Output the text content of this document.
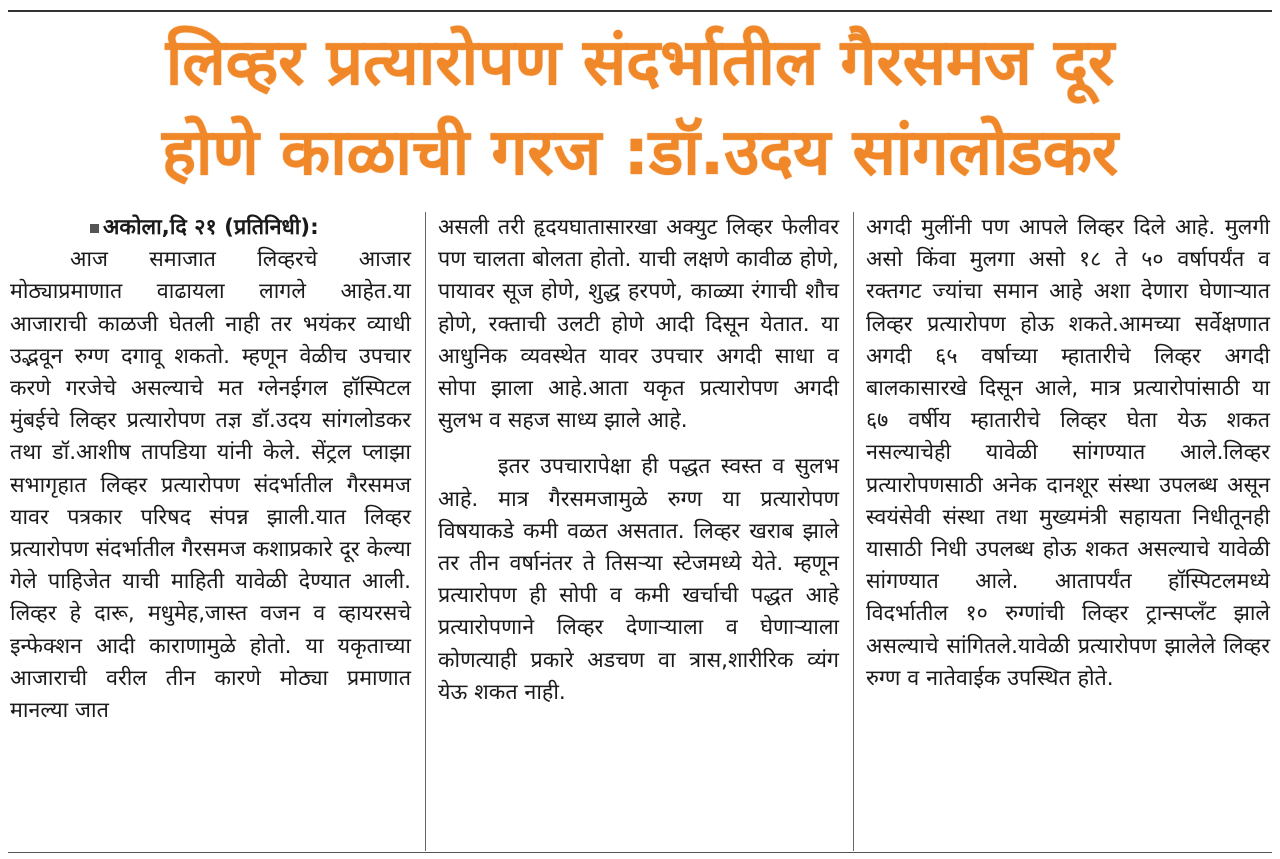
लिव्हर प्रत्यारोपण संदर्भातील गैरसमज दूर
होणे काळाची गरज :डॉ.उदय सांगलोडकर

अकोला,दि २१ (प्रतिनिधी):

आज समाजात लिव्हरचे आजार मोठ्याप्रमाणात वाढायला लागले आहेत.या आजाराची काळजी घेतली नाही तर भयंकर व्याधी उद्भवून रुग्ण दगावू शकतो. म्हणून वेळीच उपचार करणे गरजेचे असल्याचे मत ग्लेनईगल हॉस्पिटल मुंबईचे लिव्हर प्रत्यारोपण तज्ञ डॉ.उदय सांगलोडकर तथा डॉ.आशीष तापडिया यांनी केले. सेंट्रल प्लाझा सभागृहात लिव्हर प्रत्यारोपण संदर्भातील गैरसमज यावर पत्रकार परिषद संपन्न झाली.यात लिव्हर प्रत्यारोपण संदर्भातील गैरसमज कशाप्रकारे दूर केल्या गेले पाहिजेत याची माहिती यावेळी देण्यात आली. लिव्हर हे दारू, मधुमेह,जास्त वजन व व्हायरसचे इन्फेक्शन आदी काराणामुळे होतो. या यकृताच्या आजाराची वरील तीन कारणे मोठ्या प्रमाणात मानल्या जात

असली तरी हृदयघातासारखा अक्युट लिव्हर फेलीवर पण चालता बोलता होतो. याची लक्षणे कावीळ होणे, पायावर सूज होणे, शुद्ध हरपणे, काळ्या रंगाची शौच होणे, रक्ताची उलटी होणे आदी दिसून येतात. या आधुनिक व्यवस्थेत यावर उपचार अगदी साधा व सोपा झाला आहे.आता यकृत प्रत्यारोपण अगदी सुलभ व सहज साध्य झाले आहे.

इतर उपचारापेक्षा ही पद्धत स्वस्त व सुलभ आहे. मात्र गैरसमजामुळे रुग्ण या प्रत्यारोपण विषयाकडे कमी वळत असतात. लिव्हर खराब झाले तर तीन वर्षानंतर ते तिसऱ्या स्टेजमध्ये येते. म्हणून प्रत्यारोपण ही सोपी व कमी खर्चाची पद्धत आहे प्रत्यारोपणाने लिव्हर देणाऱ्याला व घेणाऱ्याला कोणत्याही प्रकारे अडचण वा त्रास,शारीरिक व्यंग येऊ शकत नाही.

अगदी मुलींनी पण आपले लिव्हर दिले आहे. मुलगी असो किंवा मुलगा असो १८ ते ५० वर्षापर्यंत व रक्तगट ज्यांचा समान आहे अशा देणारा घेणाऱ्यात लिव्हर प्रत्यारोपण होऊ शकते.आमच्या सर्वेक्षणात अगदी ६५ वर्षाच्या म्हातारीचे लिव्हर अगदी बालकासारखे दिसून आले, मात्र प्रत्यारोपांसाठी या ६७ वर्षीय म्हातारीचे लिव्हर घेता येऊ शकत नसल्याचेही यावेळी सांगण्यात आले.लिव्हर प्रत्यारोपणसाठी अनेक दानशूर संस्था उपलब्ध असून स्वयंसेवी संस्था तथा मुख्यमंत्री सहायता निधीतूनही यासाठी निधी उपलब्ध होऊ शकत असल्याचे यावेळी सांगण्यात आले. आतापर्यंत हॉस्पिटलमध्ये विदर्भातील १० रुग्णांची लिव्हर ट्रान्सप्लँट झाले असल्याचे सांगितले.यावेळी प्रत्यारोपण झालेले लिव्हर रुग्ण व नातेवाईक उपस्थित होते.
